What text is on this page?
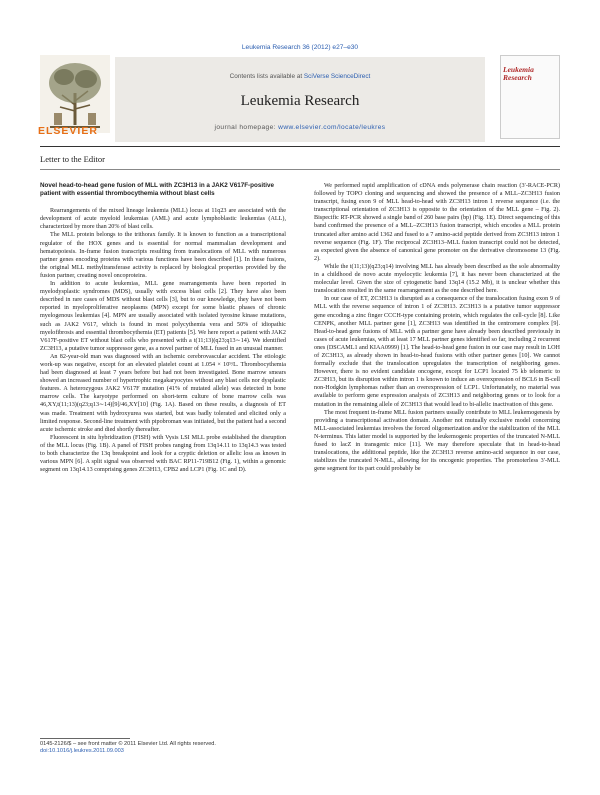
Leukemia Research 36 (2012) e27–e30
Contents lists available at SciVerse ScienceDirect
Leukemia Research
journal homepage: www.elsevier.com/locate/leukres
ELSEVIER
Leukemia Research
Letter to the Editor

Novel head-to-head gene fusion of MLL with ZC3H13 in a JAK2 V617F-positive patient with essential thrombocythemia without blast cells

Rearrangements of the mixed lineage leukemia (MLL) locus at 11q23 are associated with the development of acute myeloid leukemias (AML) and acute lymphoblastic leukemias (ALL), characterized by more than 20% of blast cells.

The MLL protein belongs to the trithorax family. It is known to function as a transcriptional regulator of the HOX genes and is essential for normal mammalian development and hematopoiesis. In-frame fusion transcripts resulting from translocations of MLL with numerous partner genes encoding proteins with various functions have been described [1]. In these fusions, the original MLL methyltransferase activity is replaced by biological properties provided by the fusion partner, creating novel oncoproteins.

In addition to acute leukemias, MLL gene rearrangements have been reported in myelodysplastic syndromes (MDS), usually with excess blast cells [2]. They have also been described in rare cases of MDS without blast cells [3], but to our knowledge, they have not been reported in myeloproliferative neoplasms (MPN) except for some blastic phases of chronic myelogenous leukemias [4]. MPN are usually associated with isolated tyrosine kinase mutations, such as JAK2 V617, which is found in most polycythemia vera and 50% of idiopathic myelofibrosis and essential thrombocythemia (ET) patients [5]. We here report a patient with JAK2 V617F-positive ET without blast cells who presented with a t(11;13)(q23;q13∼14). We identified ZC3H13, a putative tumor suppressor gene, as a novel partner of MLL fused in an unusual manner.

An 82-year-old man was diagnosed with an ischemic cerebrovascular accident. The etiologic work-up was negative, except for an elevated platelet count at 1.054 × 10⁹/L. Thrombocythemia had been diagnosed at least 7 years before but had not been investigated. Bone marrow smears showed an increased number of hypertrophic megakaryocytes without any blast cells nor dysplastic features. A heterozygous JAK2 V617F mutation (41% of mutated allele) was detected in bone marrow cells. The karyotype performed on short-term culture of bone marrow cells was 46,XY,t(11;13)(q23;q13∼14)[9]/46,XY[10] (Fig. 1A). Based on these results, a diagnosis of ET was made. Treatment with hydroxyurea was started, but was badly tolerated and elicited only a limited response. Second-line treatment with pipobroman was initiated, but the patient had a second acute ischemic stroke and died shortly thereafter.

Fluorescent in situ hybridization (FISH) with Vysis LSI MLL probe established the disruption of the MLL locus (Fig. 1B). A panel of FISH probes ranging from 13q14.11 to 13q14.3 was tested to both characterize the 13q breakpoint and look for a cryptic deletion or allelic loss as known in various MPN [6]. A split signal was observed with BAC RP11-719B12 (Fig. 1), within a genomic segment on 13q14.13 comprising genes ZC3H13, CPB2 and LCP1 (Fig. 1C and D).

We performed rapid amplification of cDNA ends polymerase chain reaction (3′-RACE-PCR) followed by TOPO cloning and sequencing and showed the presence of a MLL–ZC3H13 fusion transcript, fusing exon 9 of MLL head-to-head with ZC3H13 intron 1 reverse sequence (i.e. the transcriptional orientation of ZC3H13 is opposite to the orientation of the MLL gene – Fig. 2). Bispecific RT-PCR showed a single band of 260 base pairs (bp) (Fig. 1E). Direct sequencing of this band confirmed the presence of a MLL–ZC3H13 fusion transcript, which encodes a MLL protein truncated after amino acid 1362 and fused to a 7 amino-acid peptide derived from ZC3H13 intron 1 reverse sequence (Fig. 1F). The reciprocal ZC3H13–MLL fusion transcript could not be detected, as expected given the absence of canonical gene promoter on the derivative chromosome 13 (Fig. 2).

While the t(11;13)(q23;q14) involving MLL has already been described as the sole abnormality in a childhood de novo acute myelocytic leukemia [7], it has never been characterized at the molecular level. Given the size of cytogenetic band 13q14 (15.2 Mb), it is unclear whether this translocation resulted in the same rearrangement as the one described here.

In our case of ET, ZC3H13 is disrupted as a consequence of the translocation fusing exon 9 of MLL with the reverse sequence of intron 1 of ZC3H13. ZC3H13 is a putative tumor suppressor gene encoding a zinc finger CCCH-type containing protein, which regulates the cell-cycle [8]. Like CENPK, another MLL partner gene [1], ZC3H13 was identified in the centromere complex [9]. Head-to-head gene fusions of MLL with a partner gene have already been described previously in cases of acute leukemias, with at least 17 MLL partner genes identified so far, including 2 recurrent ones (DSCAML1 and KIAA0999) [1]. The head-to-head gene fusion in our case may result in LOH of ZC3H13, as already shown in head-to-head fusions with other partner genes [10]. We cannot formally exclude that the translocation upregulates the transcription of neighboring genes. However, there is no evident candidate oncogene, except for LCP1 located 75 kb telomeric to ZC3H13, but its disruption within intron 1 is known to induce an overexpression of BCL6 in B-cell non-Hodgkin lymphomas rather than an overexpression of LCP1. Unfortunately, no material was available to perform gene expression analysis of ZC3H13 and neighboring genes or to look for a mutation in the remaining allele of ZC3H13 that would lead to bi-allelic inactivation of this gene.

The most frequent in-frame MLL fusion partners usually contribute to MLL leukemogenesis by providing a transcriptional activation domain. Another not mutually exclusive model concerning MLL-associated leukemias involves the forced oligomerization and/or the stabilization of the MLL N-terminus. This latter model is supported by the leukemogenic properties of the truncated N-MLL fused to lacZ in transgenic mice [11]. We may therefore speculate that in head-to-head translocations, the additional peptide, like the ZC3H13 reverse amino-acid sequence in our case, stabilizes the truncated N-MLL, allowing for its oncogenic properties. The promoterless 3′-MLL gene segment for its part could probably be

0145-2126/$ – see front matter © 2011 Elsevier Ltd. All rights reserved.
doi:10.1016/j.leukres.2011.09.003
